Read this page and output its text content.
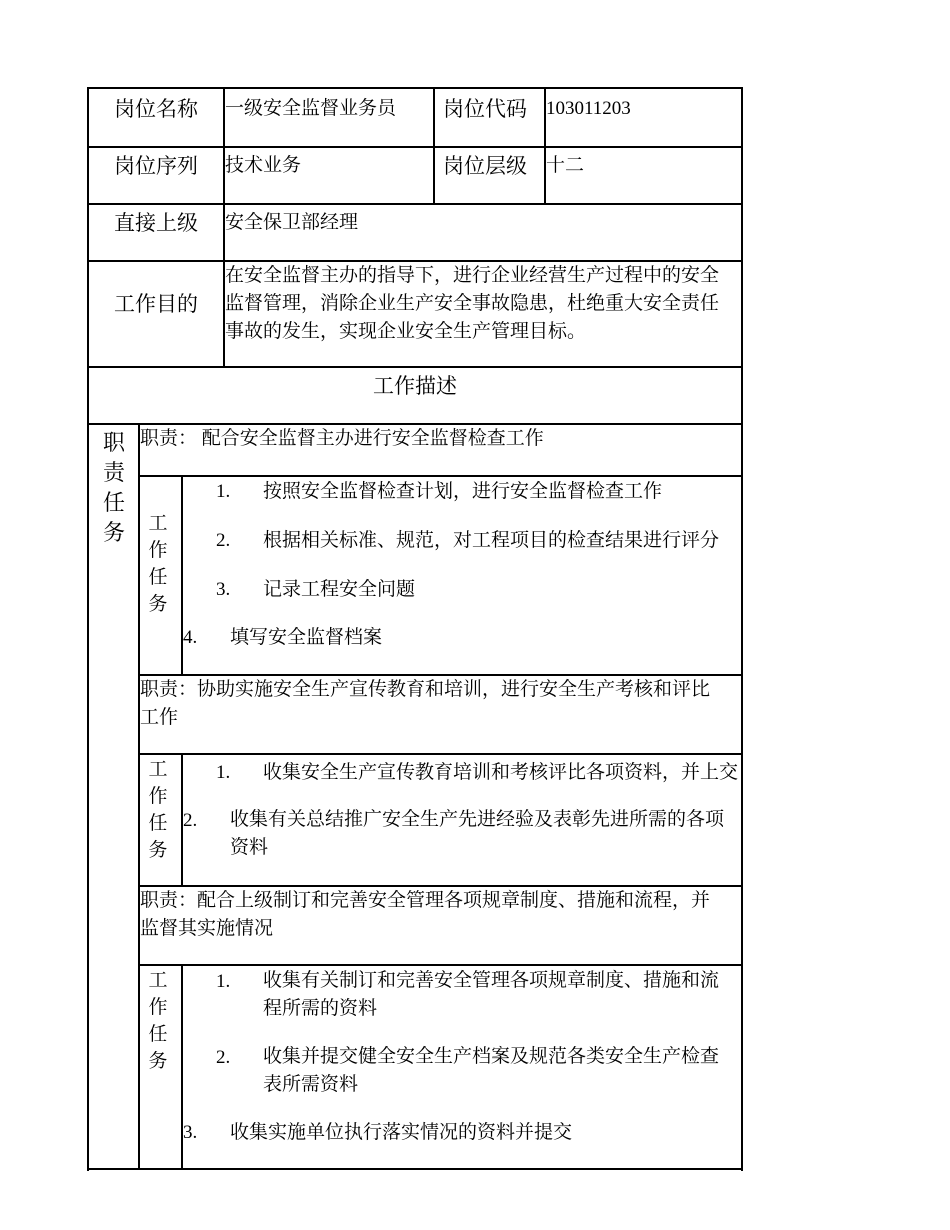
岗位名称 一级安全监督业务员 岗位代码 103011203
岗位序列 技术业务	岗位层级 十二
直接上级 安全保卫部经理
工作目的
在安全监督主办的指导下，进行企业经营生产过程中的安全监督管理，消除企业生产安全事故隐患，杜绝重大安全责任事故的发生，实现企业安全生产管理目标。
工作描述
职
责
任
务 工
作
任
务
工
作
任
务
工
作
任
务
职责： 配合安全监督主办进行安全监督检查工作
1. 按照安全监督检查计划，进行安全监督检查工作
2. 根据相关标准、规范，对工程项目的检查结果进行评分
3. 记录工程安全问题
4. 填写安全监督档案
职责：协助实施安全生产宣传教育和培训，进行安全生产考核和评比工作
1. 收集安全生产宣传教育培训和考核评比各项资料，并上交
2. 收集有关总结推广安全生产先进经验及表彰先进所需的各项资料
职责：配合上级制订和完善安全管理各项规章制度、措施和流程，并监督其实施情况
1. 收集有关制订和完善安全管理各项规章制度、措施和流程所需的资料
2. 收集并提交健全安全生产档案及规范各类安全生产检查表所需资料
3. 收集实施单位执行落实情况的资料并提交
